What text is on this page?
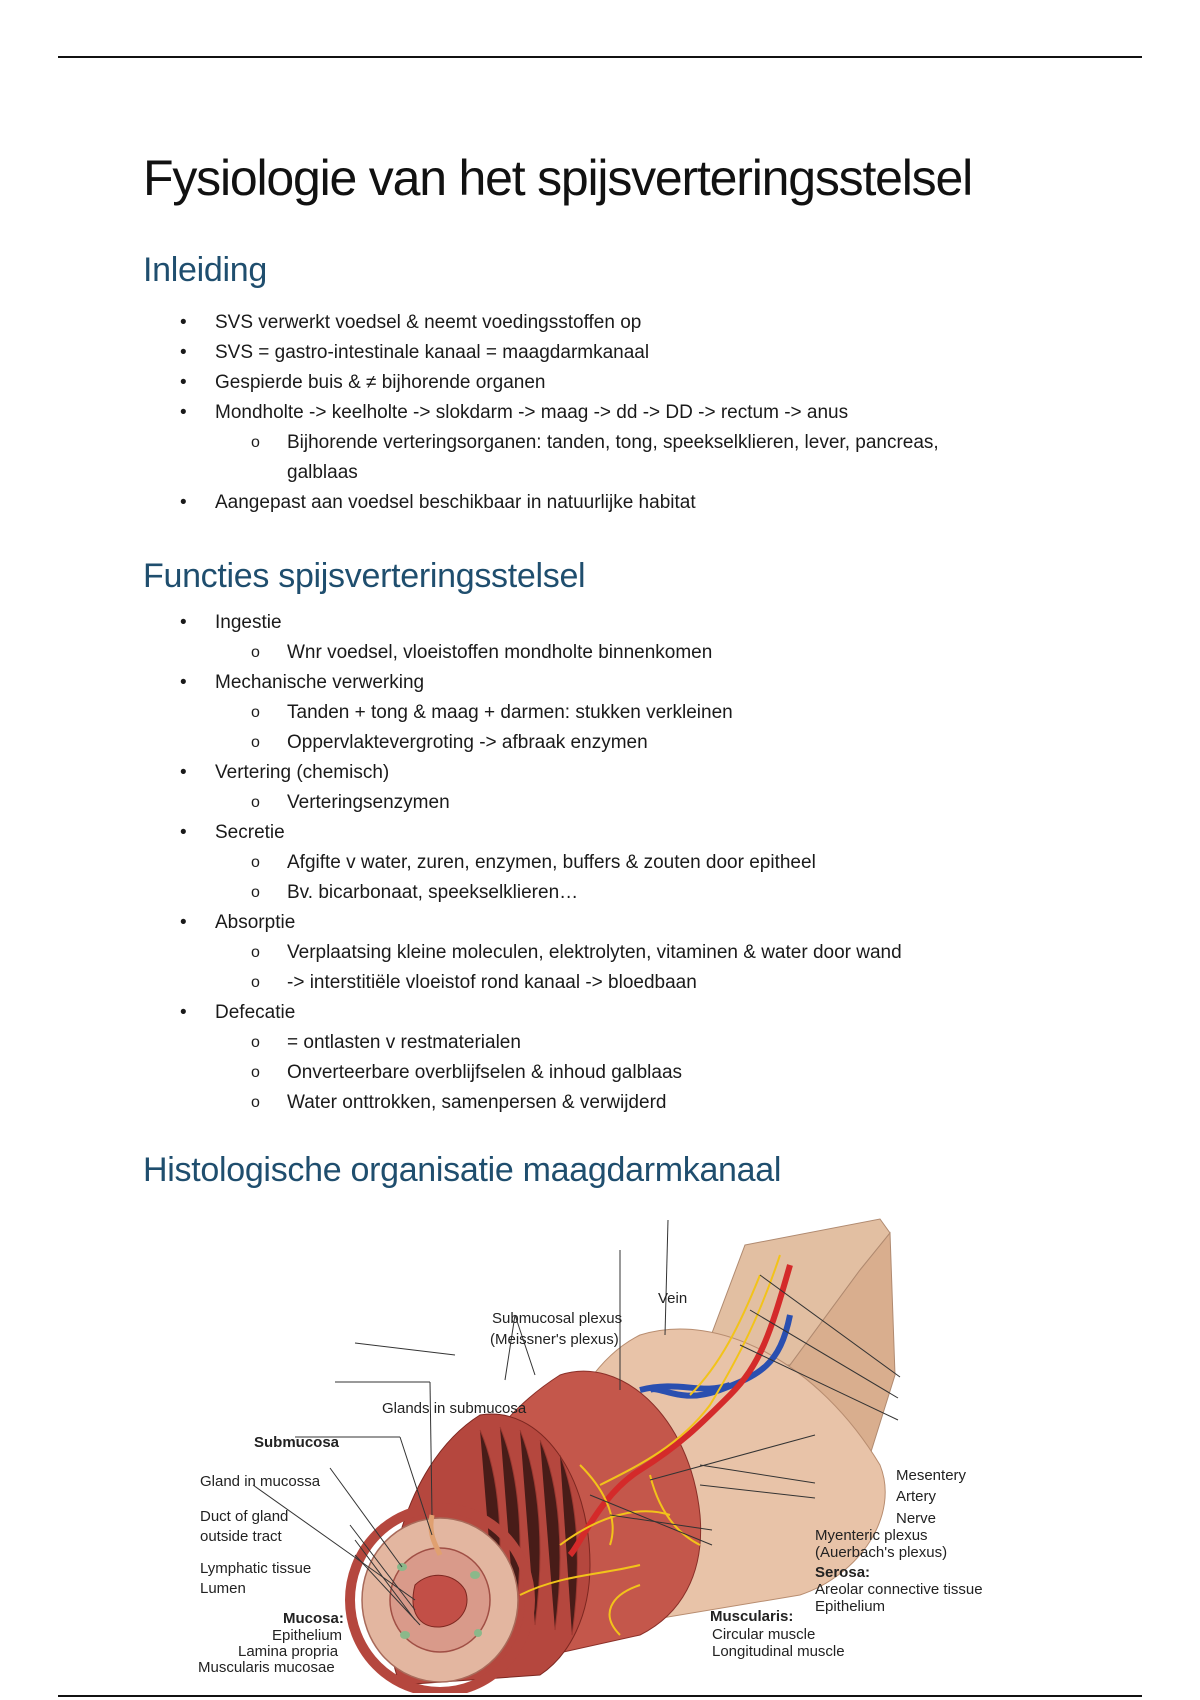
Fysiologie van het spijsverteringsstelsel
Inleiding
• SVS verwerkt voedsel & neemt voedingsstoffen op
• SVS = gastro-intestinale kanaal = maagdarmkanaal
• Gespierde buis & ≠ bijhorende organen
• Mondholte -> keelholte -> slokdarm -> maag -> dd -> DD -> rectum -> anus
o Bijhorende verteringsorganen: tanden, tong, speekselklieren, lever, pancreas,
galblaas
• Aangepast aan voedsel beschikbaar in natuurlijke habitat
Functies spijsverteringsstelsel
• Ingestie
o Wnr voedsel, vloeistoffen mondholte binnenkomen
• Mechanische verwerking
o Tanden + tong & maag + darmen: stukken verkleinen
o Oppervlaktevergroting -> afbraak enzymen
• Vertering (chemisch)
o Verteringsenzymen
• Secretie
o Afgifte v water, zuren, enzymen, buffers & zouten door epitheel
o Bv. bicarbonaat, speekselklieren…
• Absorptie
o Verplaatsing kleine moleculen, elektrolyten, vitaminen & water door wand
o -> interstitiële vloeistof rond kanaal -> bloedbaan
• Defecatie
o = ontlasten v restmaterialen
o Onverteerbare overblijfselen & inhoud galblaas
o Water onttrokken, samenpersen & verwijderd
Histologische organisatie maagdarmkanaal
Vein
Submucosal plexus
(Meissner's plexus)
Glands in submucosa
Submucosa
Gland in mucossa
Duct of gland
outside tract
Lymphatic tissue
Lumen
Mucosa:
Epithelium
Lamina propria
Muscularis mucosae
Mesentery
Artery
Nerve
Myenteric plexus
(Auerbach's plexus)
Serosa:
Areolar connective tissue
Epithelium
Muscularis:
Circular muscle
Longitudinal muscle
